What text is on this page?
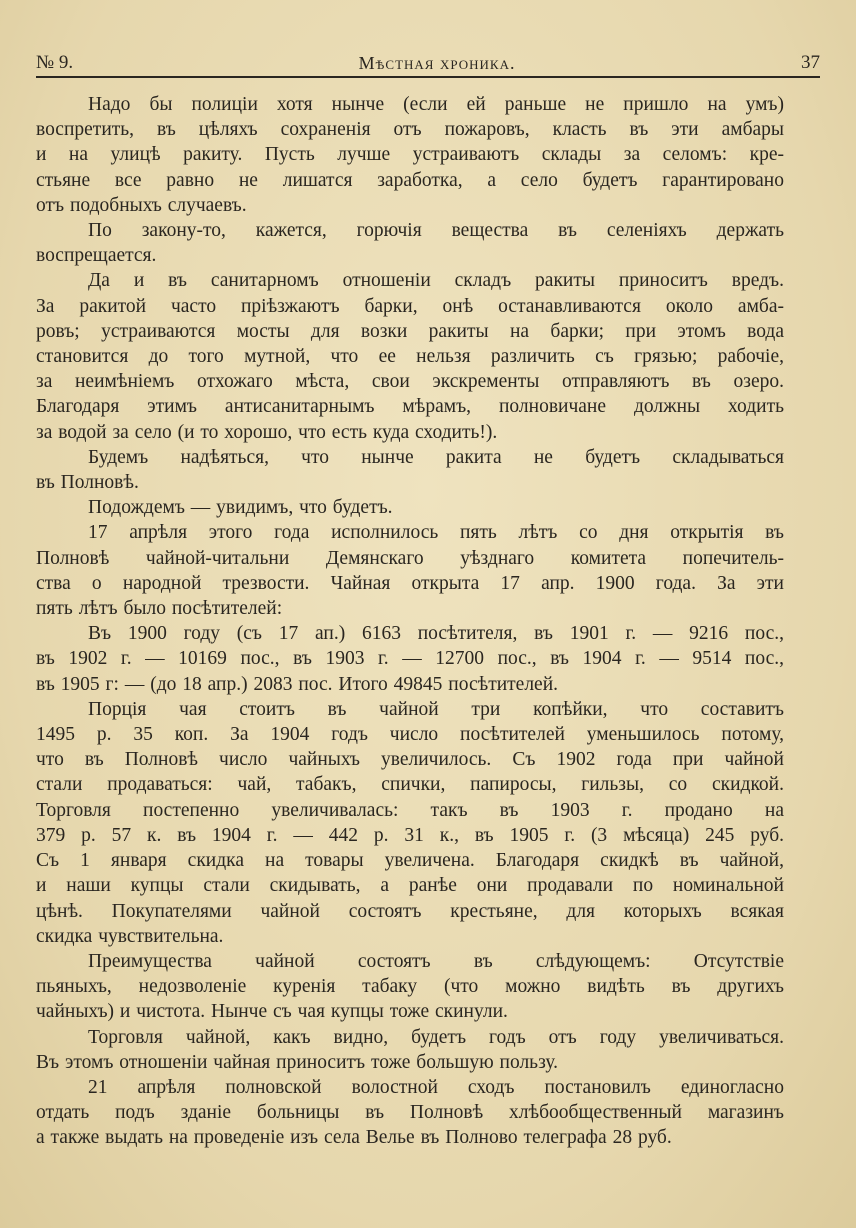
№ 9.	Мѣстная хроника.	37

Надо бы полиціи хотя нынче (если ей раньше не пришло на умъ)
воспретить, въ цѣляхъ сохраненія отъ пожаровъ, класть въ эти амбары
и на улицѣ ракиту. Пусть лучше устраиваютъ склады за селомъ: кре-
стьяне все равно не лишатся заработка, а село будетъ гарантировано
отъ подобныхъ случаевъ.

По закону-то, кажется, горючія вещества въ селеніяхъ держать
воспрещается.

Да и въ санитарномъ отношеніи складъ ракиты приноситъ вредъ.
За ракитой часто пріѣзжаютъ барки, онѣ останавливаются около амба-
ровъ; устраиваются мосты для возки ракиты на барки; при этомъ вода
становится до того мутной, что ее нельзя различить съ грязью; рабочіе,
за неимѣніемъ отхожаго мѣста, свои экскременты отправляютъ въ озеро.
Благодаря этимъ антисанитарнымъ мѣрамъ, полновичане должны ходить
за водой за село (и то хорошо, что есть куда сходить!).

Будемъ надѣяться, что нынче ракита не будетъ складываться
въ Полновѣ.

Подождемъ — увидимъ, что будетъ.

17 апрѣля этого года исполнилось пять лѣтъ со дня открытія въ
Полновѣ чайной-читальни Демянскаго уѣзднаго комитета попечитель-
ства о народной трезвости. Чайная открыта 17 апр. 1900 года. За эти
пять лѣтъ было посѣтителей:

Въ 1900 году (съ 17 ап.) 6163 посѣтителя, въ 1901 г. — 9216 пос.,
въ 1902 г. — 10169 пос., въ 1903 г. — 12700 пос., въ 1904 г. — 9514 пос.,
въ 1905 г: — (до 18 апр.) 2083 пос. Итого 49845 посѣтителей.

Порція чая стоитъ въ чайной три копѣйки, что составитъ
1495 р. 35 коп. За 1904 годъ число посѣтителей уменьшилось потому,
что въ Полновѣ число чайныхъ увеличилось. Съ 1902 года при чайной
стали продаваться: чай, табакъ, спички, папиросы, гильзы, со скидкой.
Торговля постепенно увеличивалась: такъ въ 1903 г. продано на
379 р. 57 к. въ 1904 г. — 442 р. 31 к., въ 1905 г. (3 мѣсяца) 245 руб.
Съ 1 января скидка на товары увеличена. Благодаря скидкѣ въ чайной,
и наши купцы стали скидывать, а ранѣе они продавали по номинальной
цѣнѣ. Покупателями чайной состоятъ крестьяне, для которыхъ всякая
скидка чувствительна.

Преимущества чайной состоятъ въ слѣдующемъ: Отсутствіе
пьяныхъ, недозволеніе куренія табаку (что можно видѣть въ другихъ
чайныхъ) и чистота. Нынче съ чая купцы тоже скинули.

Торговля чайной, какъ видно, будетъ годъ отъ году увеличиваться.
Въ этомъ отношеніи чайная приноситъ тоже большую пользу.

21 апрѣля полновской волостной сходъ постановилъ единогласно
отдать подъ зданіе больницы въ Полновѣ хлѣбообщественный магазинъ
а также выдать на проведеніе изъ села Велье въ Полново телеграфа 28 руб.
